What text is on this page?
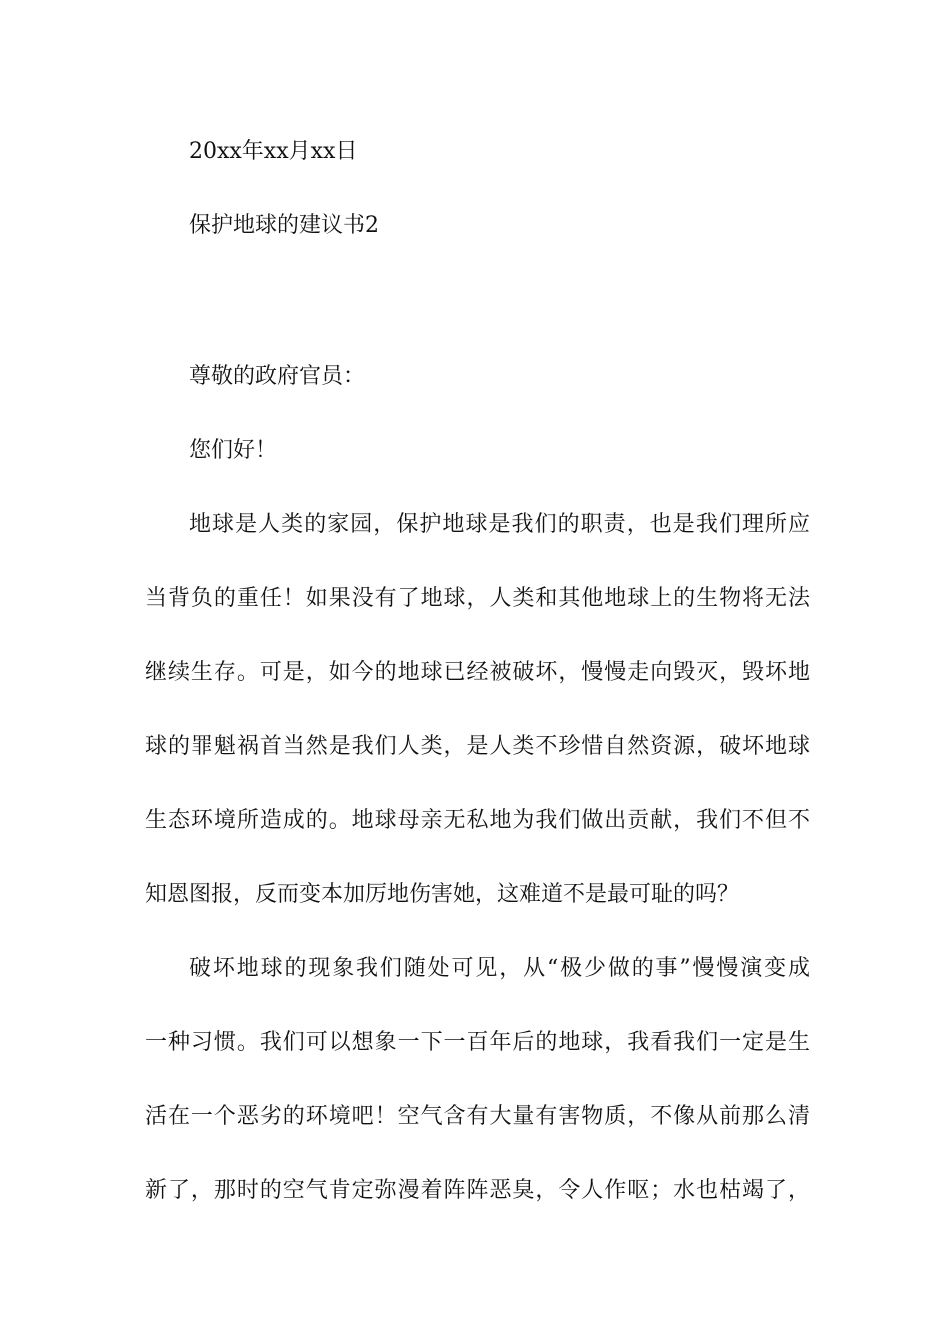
20xx年xx月xx日
保护地球的建议书2
尊敬的政府官员：
您们好！
地球是人类的家园，保护地球是我们的职责，也是我们理所应
当背负的重任！如果没有了地球，人类和其他地球上的生物将无法
继续生存。可是，如今的地球已经被破坏，慢慢走向毁灭，毁坏地
球的罪魁祸首当然是我们人类，是人类不珍惜自然资源，破坏地球
生态环境所造成的。地球母亲无私地为我们做出贡献，我们不但不
知恩图报，反而变本加厉地伤害她，这难道不是最可耻的吗？
破坏地球的现象我们随处可见，从“极少做的事”慢慢演变成
一种习惯。我们可以想象一下一百年后的地球，我看我们一定是生
活在一个恶劣的环境吧！空气含有大量有害物质，不像从前那么清
新了，那时的空气肯定弥漫着阵阵恶臭，令人作呕；水也枯竭了，
